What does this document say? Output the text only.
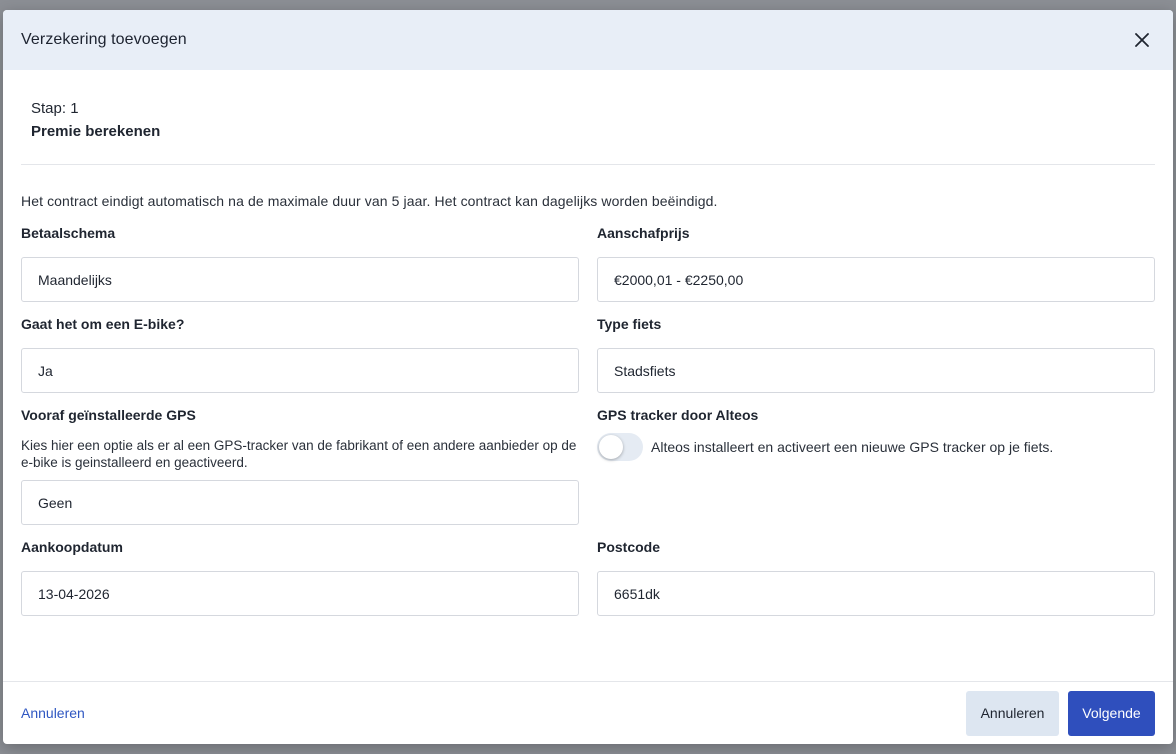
Verzekering toevoegen
Stap: 1
Premie berekenen
Het contract eindigt automatisch na de maximale duur van 5 jaar. Het contract kan dagelijks worden beëindigd.
Betaalschema
Maandelijks
Aanschafprijs
€2000,01 - €2250,00
Gaat het om een E-bike?
Ja
Type fiets
Stadsfiets
Vooraf geïnstalleerde GPS
Kies hier een optie als er al een GPS-tracker van de fabrikant of een andere aanbieder op de e-bike is geinstalleerd en geactiveerd.
Geen
GPS tracker door Alteos
Alteos installeert en activeert een nieuwe GPS tracker op je fiets.
Aankoopdatum
13-04-2026
Postcode
6651dk
Annuleren	Annuleren	Volgende
